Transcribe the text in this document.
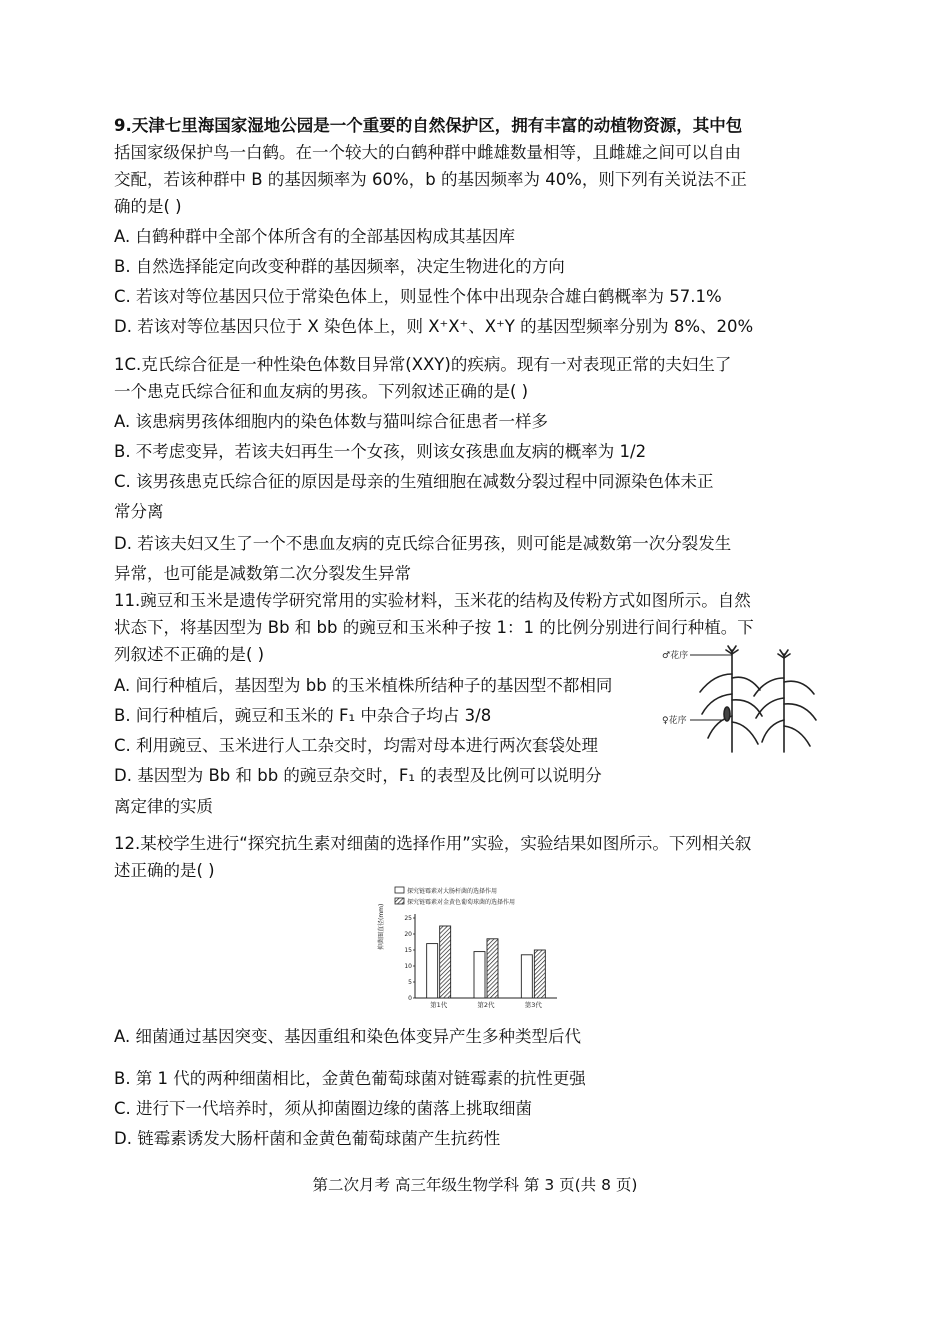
9.天津七里海国家湿地公园是一个重要的自然保护区，拥有丰富的动植物资源，其中包
括国家级保护鸟一白鹤。在一个较大的白鹤种群中雌雄数量相等，且雌雄之间可以自由
交配，若该种群中 B 的基因频率为 60%，b 的基因频率为 40%，则下列有关说法不正
确的是( )
A. 白鹤种群中全部个体所含有的全部基因构成其基因库
B. 自然选择能定向改变种群的基因频率，决定生物进化的方向
C. 若该对等位基因只位于常染色体上，则显性个体中出现杂合雄白鹤概率为 57.1%
D. 若该对等位基因只位于 X 染色体上，则 X⁺X⁺、X⁺Y 的基因型频率分别为 8%、20%
1C.克氏综合征是一种性染色体数目异常(XXY)的疾病。现有一对表现正常的夫妇生了
一个患克氏综合征和血友病的男孩。下列叙述正确的是( )
A. 该患病男孩体细胞内的染色体数与猫叫综合征患者一样多
B. 不考虑变异，若该夫妇再生一个女孩，则该女孩患血友病的概率为 1/2
C. 该男孩患克氏综合征的原因是母亲的生殖细胞在减数分裂过程中同源染色体未正
常分离
D. 若该夫妇又生了一个不患血友病的克氏综合征男孩，则可能是减数第一次分裂发生
异常，也可能是减数第二次分裂发生异常
11.豌豆和玉米是遗传学研究常用的实验材料，玉米花的结构及传粉方式如图所示。自然
状态下，将基因型为 Bb 和 bb 的豌豆和玉米种子按 1：1 的比例分别进行间行种植。下
列叙述不正确的是( )
A. 间行种植后，基因型为 bb 的玉米植株所结种子的基因型不都相同
B. 间行种植后，豌豆和玉米的 F₁ 中杂合子均占 3/8
C. 利用豌豆、玉米进行人工杂交时，均需对母本进行两次套袋处理
D. 基因型为 Bb 和 bb 的豌豆杂交时，F₁ 的表型及比例可以说明分
离定律的实质
♂花序
♀花序
12.某校学生进行“探究抗生素对细菌的选择作用”实验，实验结果如图所示。下列相关叙
述正确的是( )
探究链霉素对大肠杆菌的选择作用
探究链霉素对金黄色葡萄球菌的选择作用
抑菌圈直径(mm)
0
5
10
15
20
25
第1代	第2代	第3代
A. 细菌通过基因突变、基因重组和染色体变异产生多种类型后代
B. 第 1 代的两种细菌相比，金黄色葡萄球菌对链霉素的抗性更强
C. 进行下一代培养时，须从抑菌圈边缘的菌落上挑取细菌
D. 链霉素诱发大肠杆菌和金黄色葡萄球菌产生抗药性
第二次月考 高三年级生物学科 第 3 页(共 8 页)
